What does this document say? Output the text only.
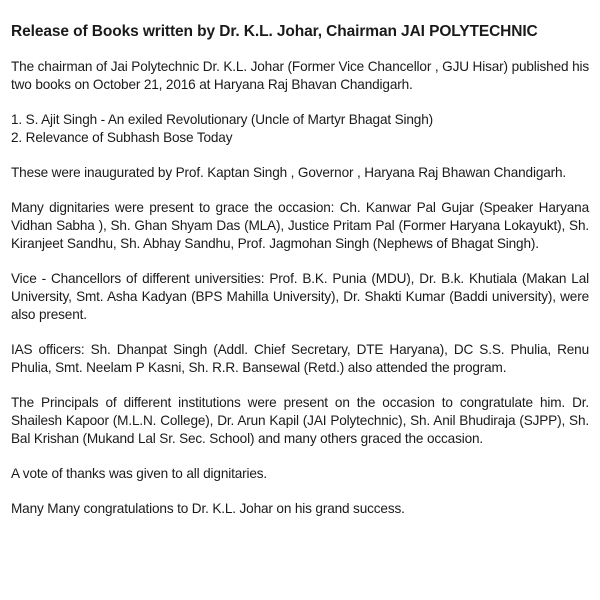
Release of Books written by Dr. K.L. Johar, Chairman JAI POLYTECHNIC
The chairman of Jai Polytechnic Dr. K.L. Johar (Former Vice Chancellor , GJU Hisar) published his two books on October 21, 2016 at Haryana Raj Bhavan Chandigarh.
1. S. Ajit Singh - An exiled Revolutionary (Uncle of Martyr Bhagat Singh)
2. Relevance of Subhash Bose Today
These were inaugurated by Prof. Kaptan Singh , Governor , Haryana Raj Bhawan Chandigarh.
Many dignitaries were present to grace the occasion: Ch. Kanwar Pal Gujar (Speaker Haryana Vidhan Sabha ), Sh. Ghan Shyam Das (MLA), Justice Pritam Pal (Former Haryana Lokayukt), Sh. Kiranjeet Sandhu, Sh. Abhay Sandhu, Prof. Jagmohan Singh (Nephews of Bhagat Singh).
Vice - Chancellors of different universities: Prof. B.K. Punia (MDU), Dr. B.k. Khutiala (Makan Lal University, Smt. Asha Kadyan (BPS Mahilla University), Dr. Shakti Kumar (Baddi university), were also present.
IAS officers: Sh. Dhanpat Singh (Addl. Chief Secretary, DTE Haryana), DC S.S. Phulia, Renu Phulia, Smt. Neelam P Kasni, Sh. R.R. Bansewal (Retd.) also attended the program.
The Principals of different institutions were present on the occasion to congratulate him. Dr. Shailesh Kapoor (M.L.N. College), Dr. Arun Kapil (JAI Polytechnic), Sh. Anil Bhudiraja (SJPP), Sh. Bal Krishan (Mukand Lal Sr. Sec. School) and many others graced the occasion.
A vote of thanks was given to all dignitaries.
Many Many congratulations to Dr. K.L. Johar on his grand success.
